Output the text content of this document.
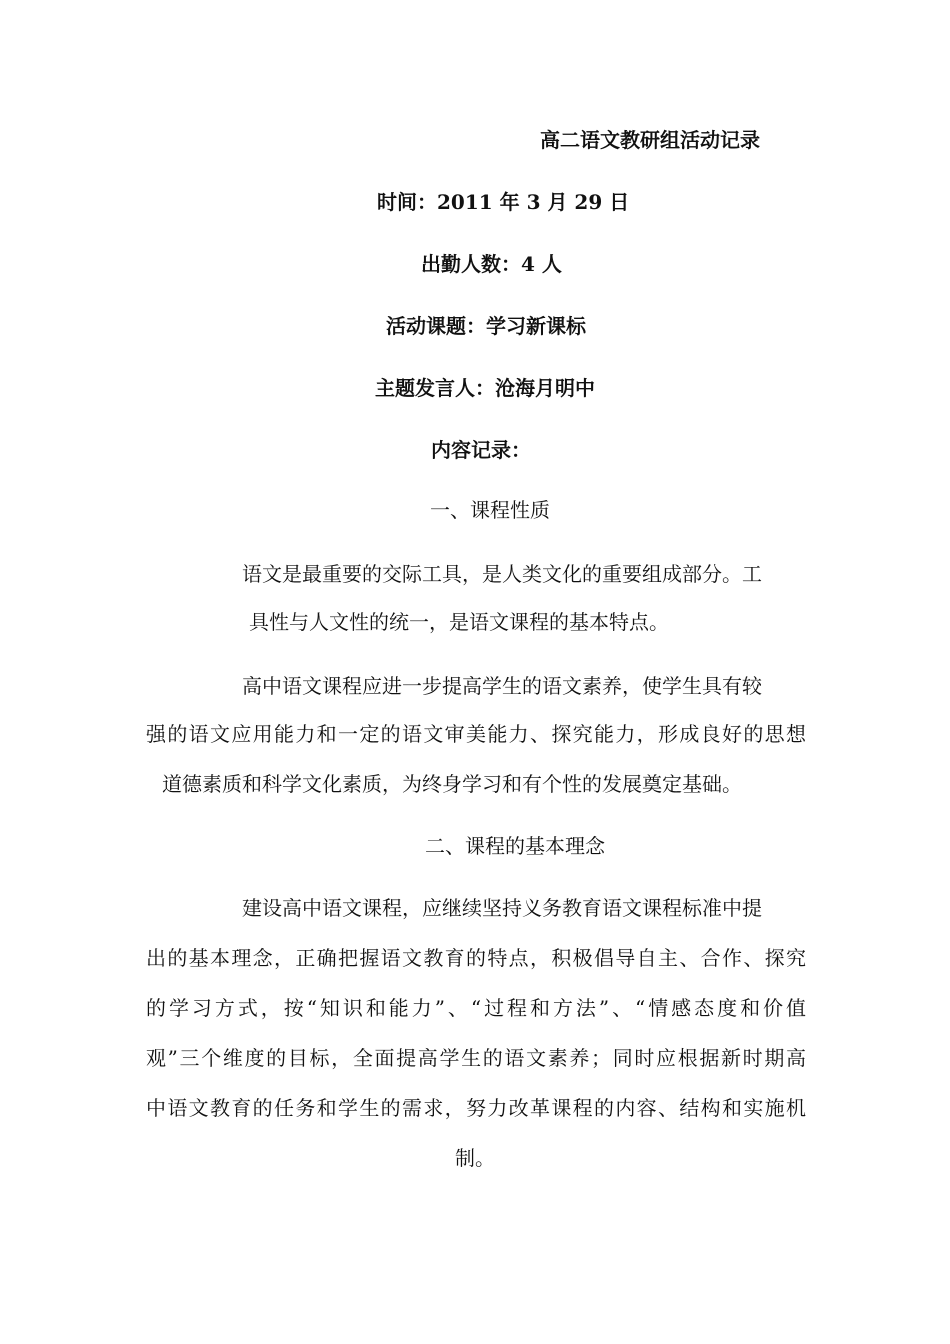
高二语文教研组活动记录
时间：2011 年 3 月 29 日
出勤人数：4 人
活动课题：学习新课标
主题发言人：沧海月明中
内容记录：
一、课程性质
语文是最重要的交际工具，是人类文化的重要组成部分。工
具性与人文性的统一，是语文课程的基本特点。
高中语文课程应进一步提高学生的语文素养，使学生具有较
强的语文应用能力和一定的语文审美能力、探究能力，形成良好的思想
道德素质和科学文化素质，为终身学习和有个性的发展奠定基础。
二、课程的基本理念
建设高中语文课程，应继续坚持义务教育语文课程标准中提
出的基本理念，正确把握语文教育的特点，积极倡导自主、合作、探究
的学习方式，按“知识和能力”、“过程和方法”、“情感态度和价值
观”三个维度的目标，全面提高学生的语文素养；同时应根据新时期高
中语文教育的任务和学生的需求，努力改革课程的内容、结构和实施机
制。
